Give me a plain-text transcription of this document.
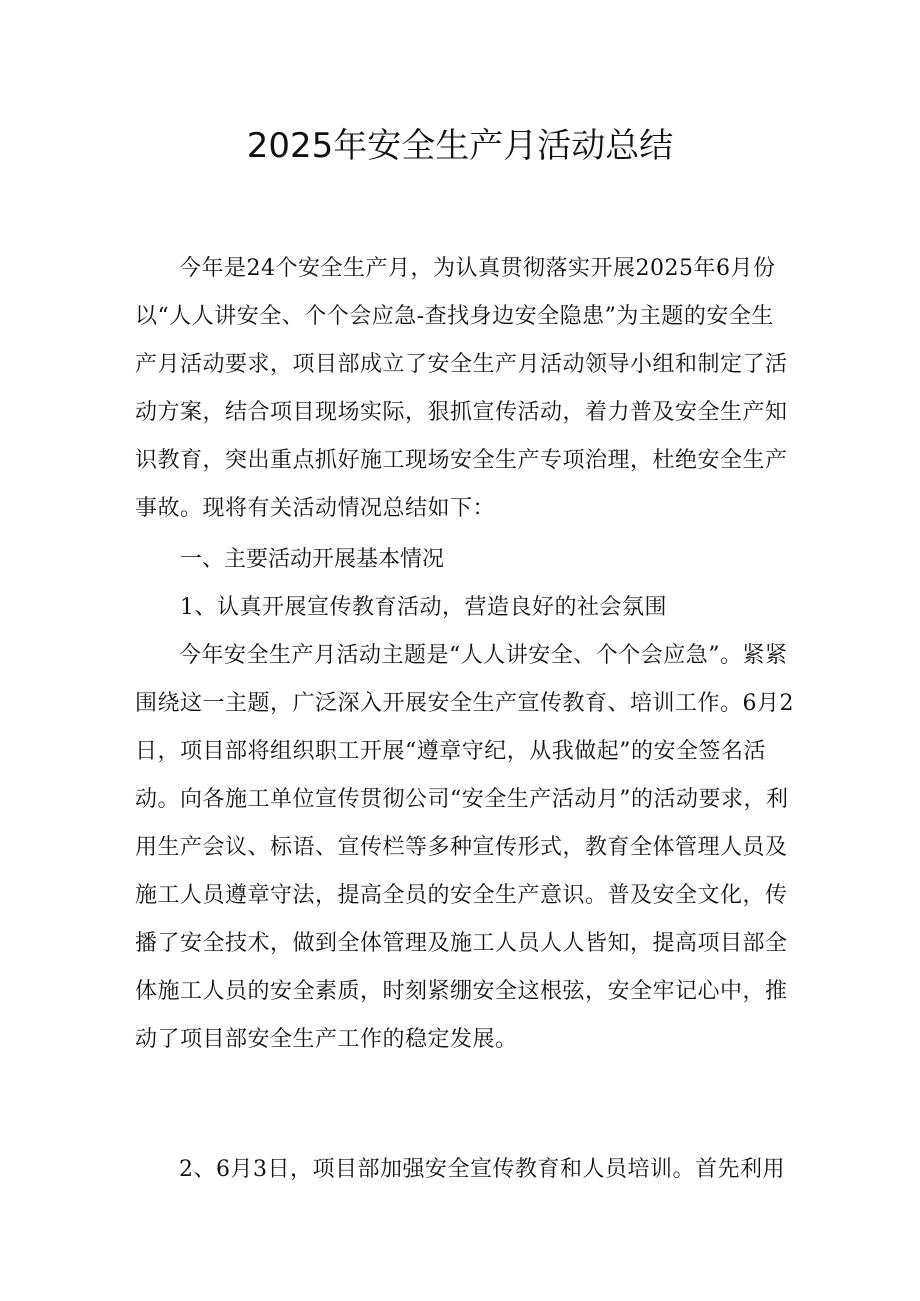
2025年安全生产月活动总结

今年是24个安全生产月，为认真贯彻落实开展2025年6月份以“人人讲安全、个个会应急-查找身边安全隐患”为主题的安全生产月活动要求，项目部成立了安全生产月活动领导小组和制定了活动方案，结合项目现场实际，狠抓宣传活动，着力普及安全生产知识教育，突出重点抓好施工现场安全生产专项治理，杜绝安全生产事故。现将有关活动情况总结如下：

一、主要活动开展基本情况

1、认真开展宣传教育活动，营造良好的社会氛围

今年安全生产月活动主题是“人人讲安全、个个会应急”。紧紧围绕这一主题，广泛深入开展安全生产宣传教育、培训工作。6月2日，项目部将组织职工开展“遵章守纪，从我做起”的安全签名活动。向各施工单位宣传贯彻公司“安全生产活动月”的活动要求，利用生产会议、标语、宣传栏等多种宣传形式，教育全体管理人员及施工人员遵章守法，提高全员的安全生产意识。普及安全文化，传播了安全技术，做到全体管理及施工人员人人皆知，提高项目部全体施工人员的安全素质，时刻紧绷安全这根弦，安全牢记心中，推动了项目部安全生产工作的稳定发展。

2、6月3日，项目部加强安全宣传教育和人员培训。首先利用
